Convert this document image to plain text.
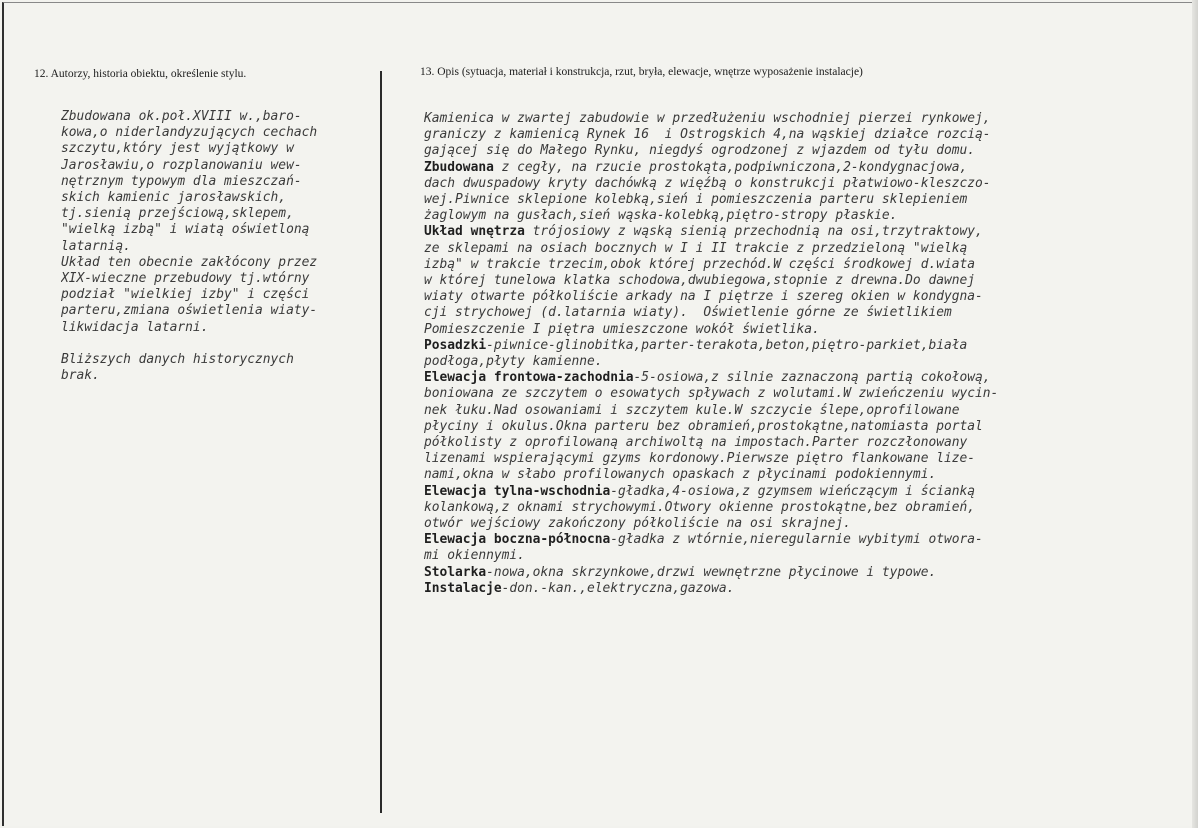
12. Autorzy, historia obiektu, określenie stylu.	13. Opis (sytuacja, materiał i konstrukcja, rzut, bryła, elewacje, wnętrze wyposażenie instalacje)
Zbudowana ok.poł.XVIII w.,baro-
kowa,o niderlandyzujących cechach
szczytu,który jest wyjątkowy w
Jarosławiu,o rozplanowaniu wew-
nętrznym typowym dla mieszczań-
skich kamienic jarosławskich,
tj.sienią przejściową,sklepem,
"wielką izbą" i wiatą oświetloną
latarnią.
Układ ten obecnie zakłócony przez
XIX-wieczne przebudowy tj.wtórny
podział "wielkiej izby" i części
parteru,zmiana oświetlenia wiaty-
likwidacja latarni.
Bliższych danych historycznych
brak.
Kamienica w zwartej zabudowie w przedłużeniu wschodniej pierzei rynkowej,
graniczy z kamienicą Rynek 16  i Ostrogskich 4,na wąskiej działce rozcią-
gającej się do Małego Rynku, niegdyś ogrodzonej z wjazdem od tyłu domu.
Zbudowana z cegły, na rzucie prostokąta,podpiwniczona,2-kondygnacjowa,
dach dwuspadowy kryty dachówką z więźbą o konstrukcji płatwiowo-kleszczo-
wej.Piwnice sklepione kolebką,sień i pomieszczenia parteru sklepieniem
żaglowym na gusłach,sień wąska-kolebką,piętro-stropy płaskie.
Układ wnętrza trójosiowy z wąską sienią przechodnią na osi,trzytraktowy,
ze sklepami na osiach bocznych w I i II trakcie z przedzieloną "wielką
izbą" w trakcie trzecim,obok której przechód.W części środkowej d.wiata
w której tunelowa klatka schodowa,dwubiegowa,stopnie z drewna.Do dawnej
wiaty otwarte półkoliście arkady na I piętrze i szereg okien w kondygna-
cji strychowej (d.latarnia wiaty).  Oświetlenie górne ze świetlikiem
Pomieszczenie I piętra umieszczone wokół świetlika.
Posadzki-piwnice-glinobitka,parter-terakota,beton,piętro-parkiet,biała
podłoga,płyty kamienne.
Elewacja frontowa-zachodnia-5-osiowa,z silnie zaznaczoną partią cokołową,
boniowana ze szczytem o esowatych spływach z wolutami.W zwieńczeniu wycin-
nek łuku.Nad osowaniami i szczytem kule.W szczycie ślepe,oprofilowane
płyciny i okulus.Okna parteru bez obramień,prostokątne,natomiasta portal
półkolisty z oprofilowaną archiwoltą na impostach.Parter rozczłonowany
lizenami wspierającymi gzyms kordonowy.Pierwsze piętro flankowane lize-
nami,okna w słabo profilowanych opaskach z płycinami podokiennymi.
Elewacja tylna-wschodnia-gładka,4-osiowa,z gzymsem wieńczącym i ścianką
kolankową,z oknami strychowymi.Otwory okienne prostokątne,bez obramień,
otwór wejściowy zakończony półkoliście na osi skrajnej.
Elewacja boczna-północna-gładka z wtórnie,nieregularnie wybitymi otwora-
mi okiennymi.
Stolarka-nowa,okna skrzynkowe,drzwi wewnętrzne płycinowe i typowe.
Instalacje-don.-kan.,elektryczna,gazowa.
